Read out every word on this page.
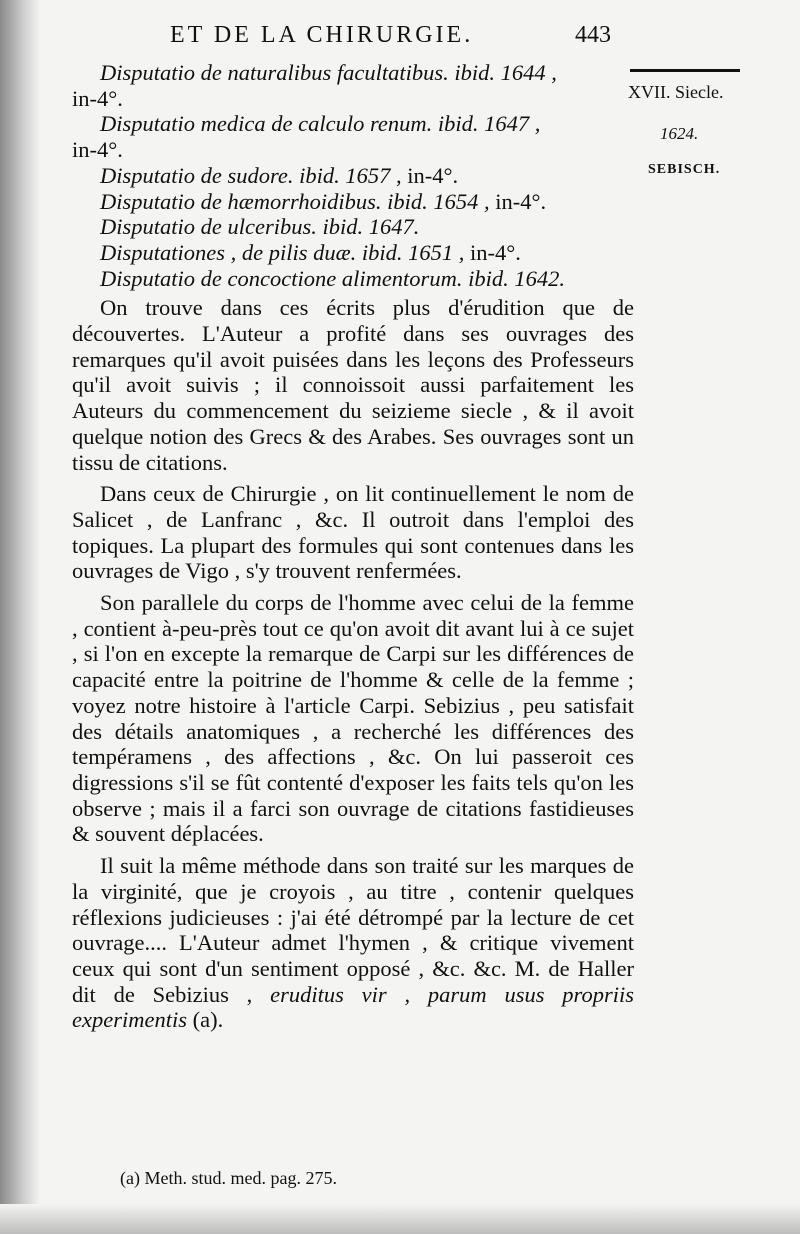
ET DE LA CHIRURGIE.	443
XVII. Siecle.
1624.
SEBISCH.
Disputatio de naturalibus facultatibus. ibid. 1644 ,
in-4°.
Disputatio medica de calculo renum. ibid. 1647 ,
in-4°.
Disputatio de sudore. ibid. 1657 , in-4°.
Disputatio de hæmorrhoidibus. ibid. 1654 , in-4°.
Disputatio de ulceribus. ibid. 1647.
Disputationes , de pilis duæ. ibid. 1651 , in-4°.
Disputatio de concoctione alimentorum. ibid. 1642.

On trouve dans ces écrits plus d'érudition que de découvertes. L'Auteur a profité dans ses ouvrages des remarques qu'il avoit puisées dans les leçons des Professeurs qu'il avoit suivis ; il connoissoit aussi parfaitement les Auteurs du commencement du seizieme siecle , & il avoit quelque notion des Grecs & des Arabes. Ses ouvrages sont un tissu de citations.

Dans ceux de Chirurgie , on lit continuellement le nom de Salicet , de Lanfranc , &c. Il outroit dans l'emploi des topiques. La plupart des formules qui sont contenues dans les ouvrages de Vigo , s'y trouvent renfermées.

Son parallele du corps de l'homme avec celui de la femme , contient à-peu-près tout ce qu'on avoit dit avant lui à ce sujet , si l'on en excepte la remarque de Carpi sur les différences de capacité entre la poitrine de l'homme & celle de la femme ; voyez notre histoire à l'article Carpi. Sebizius , peu satisfait des détails anatomiques , a recherché les différences des tempéramens , des affections , &c. On lui passeroit ces digressions s'il se fût contenté d'exposer les faits tels qu'on les observe ; mais il a farci son ouvrage de citations fastidieuses & souvent déplacées.

Il suit la même méthode dans son traité sur les marques de la virginité, que je croyois , au titre , contenir quelques réflexions judicieuses : j'ai été détrompé par la lecture de cet ouvrage.... L'Auteur admet l'hymen , & critique vivement ceux qui sont d'un sentiment opposé , &c. &c. M. de Haller dit de Sebizius , eruditus vir , parum usus propriis experimentis (a).

(a) Meth. stud. med. pag. 275.
